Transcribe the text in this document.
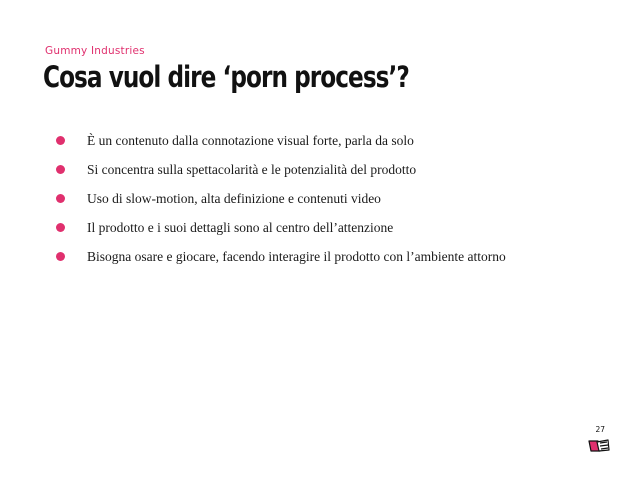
Gummy Industries
Cosa vuol dire ‘porn process’?
È un contenuto dalla connotazione visual forte, parla da solo
Si concentra sulla spettacolarità e le potenzialità del prodotto
Uso di slow-motion, alta definizione e contenuti video
Il prodotto e i suoi dettagli sono al centro dell’attenzione
Bisogna osare e giocare, facendo interagire il prodotto con l’ambiente attorno
27
